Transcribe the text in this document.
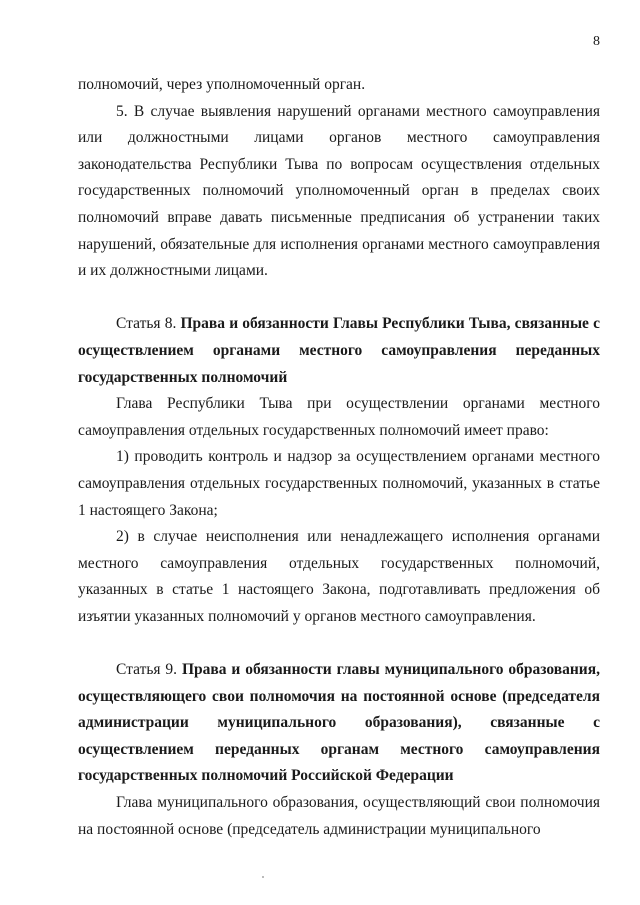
8

полномочий, через уполномоченный орган.

5. В случае выявления нарушений органами местного самоуправления или должностными лицами органов местного самоуправления законодательства Республики Тыва по вопросам осуществления отдельных государственных полномочий уполномоченный орган в пределах своих полномочий вправе давать письменные предписания об устранении таких нарушений, обязательные для исполнения органами местного самоуправления и их должностными лицами.

Статья 8. Права и обязанности Главы Республики Тыва, связанные с осуществлением органами местного самоуправления переданных государственных полномочий

Глава Республики Тыва при осуществлении органами местного самоуправления отдельных государственных полномочий имеет право:

1) проводить контроль и надзор за осуществлением органами местного самоуправления отдельных государственных полномочий, указанных в статье 1 настоящего Закона;

2) в случае неисполнения или ненадлежащего исполнения органами местного самоуправления отдельных государственных полномочий, указанных в статье 1 настоящего Закона, подготавливать предложения об изъятии указанных полномочий у органов местного самоуправления.

Статья 9. Права и обязанности главы муниципального образования, осуществляющего свои полномочия на постоянной основе (председателя администрации муниципального образования), связанные с осуществлением переданных органам местного самоуправления государственных полномочий Российской Федерации

Глава муниципального образования, осуществляющий свои полномочия на постоянной основе (председатель администрации муниципального
